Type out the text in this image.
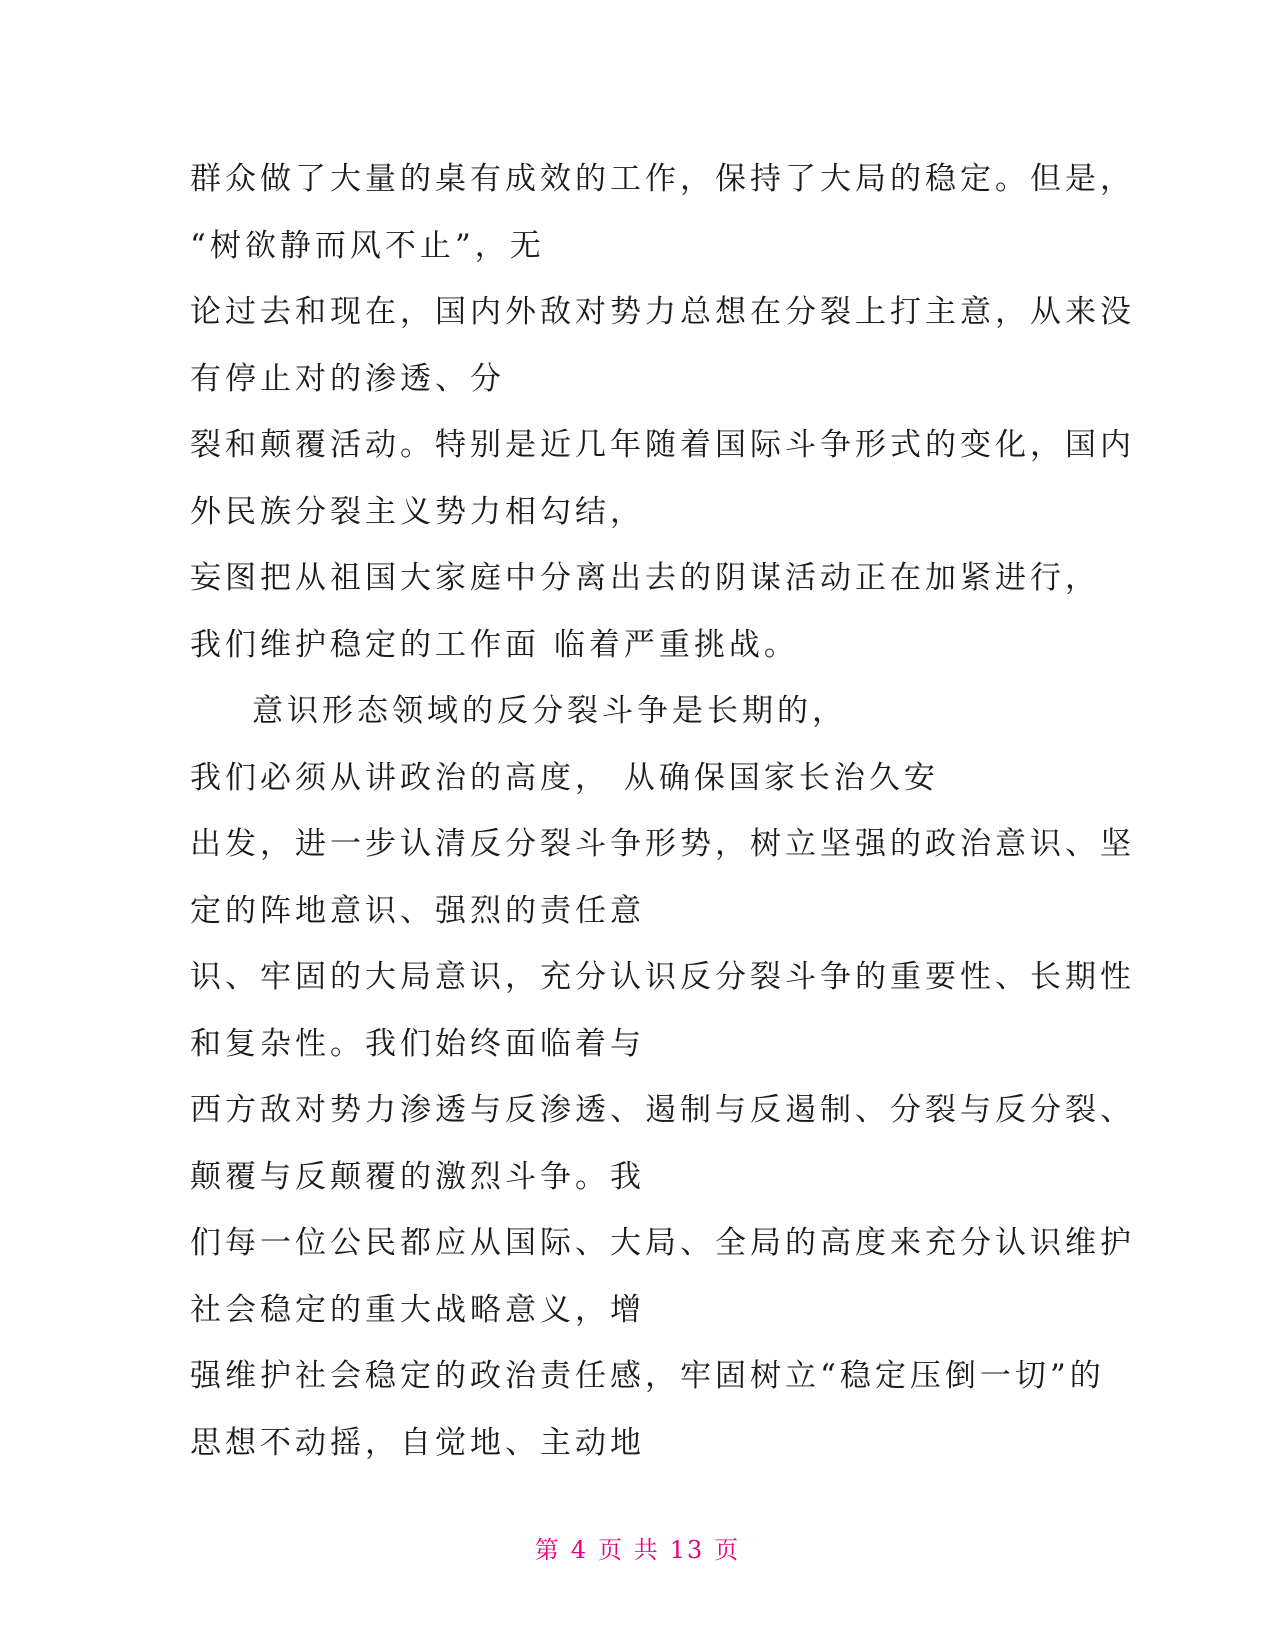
群众做了大量的桌有成效的工作，保持了大局的稳定。但是，
“树欲静而风不止”，无
论过去和现在，国内外敌对势力总想在分裂上打主意，从来没
有停止对的渗透、分
裂和颠覆活动。特别是近几年随着国际斗争形式的变化，国内
外民族分裂主义势力相勾结，
妄图把从祖国大家庭中分离出去的阴谋活动正在加紧进行，
我们维护稳定的工作面 临着严重挑战。
意识形态领域的反分裂斗争是长期的，
我们必须从讲政治的高度， 从确保国家长治久安
出发，进一步认清反分裂斗争形势，树立坚强的政治意识、坚
定的阵地意识、强烈的责任意
识、牢固的大局意识，充分认识反分裂斗争的重要性、长期性
和复杂性。我们始终面临着与
西方敌对势力渗透与反渗透、遏制与反遏制、分裂与反分裂、
颠覆与反颠覆的激烈斗争。我
们每一位公民都应从国际、大局、全局的高度来充分认识维护
社会稳定的重大战略意义，增
强维护社会稳定的政治责任感，牢固树立“稳定压倒一切”的
思想不动摇，自觉地、主动地
第 4 页 共 13 页
